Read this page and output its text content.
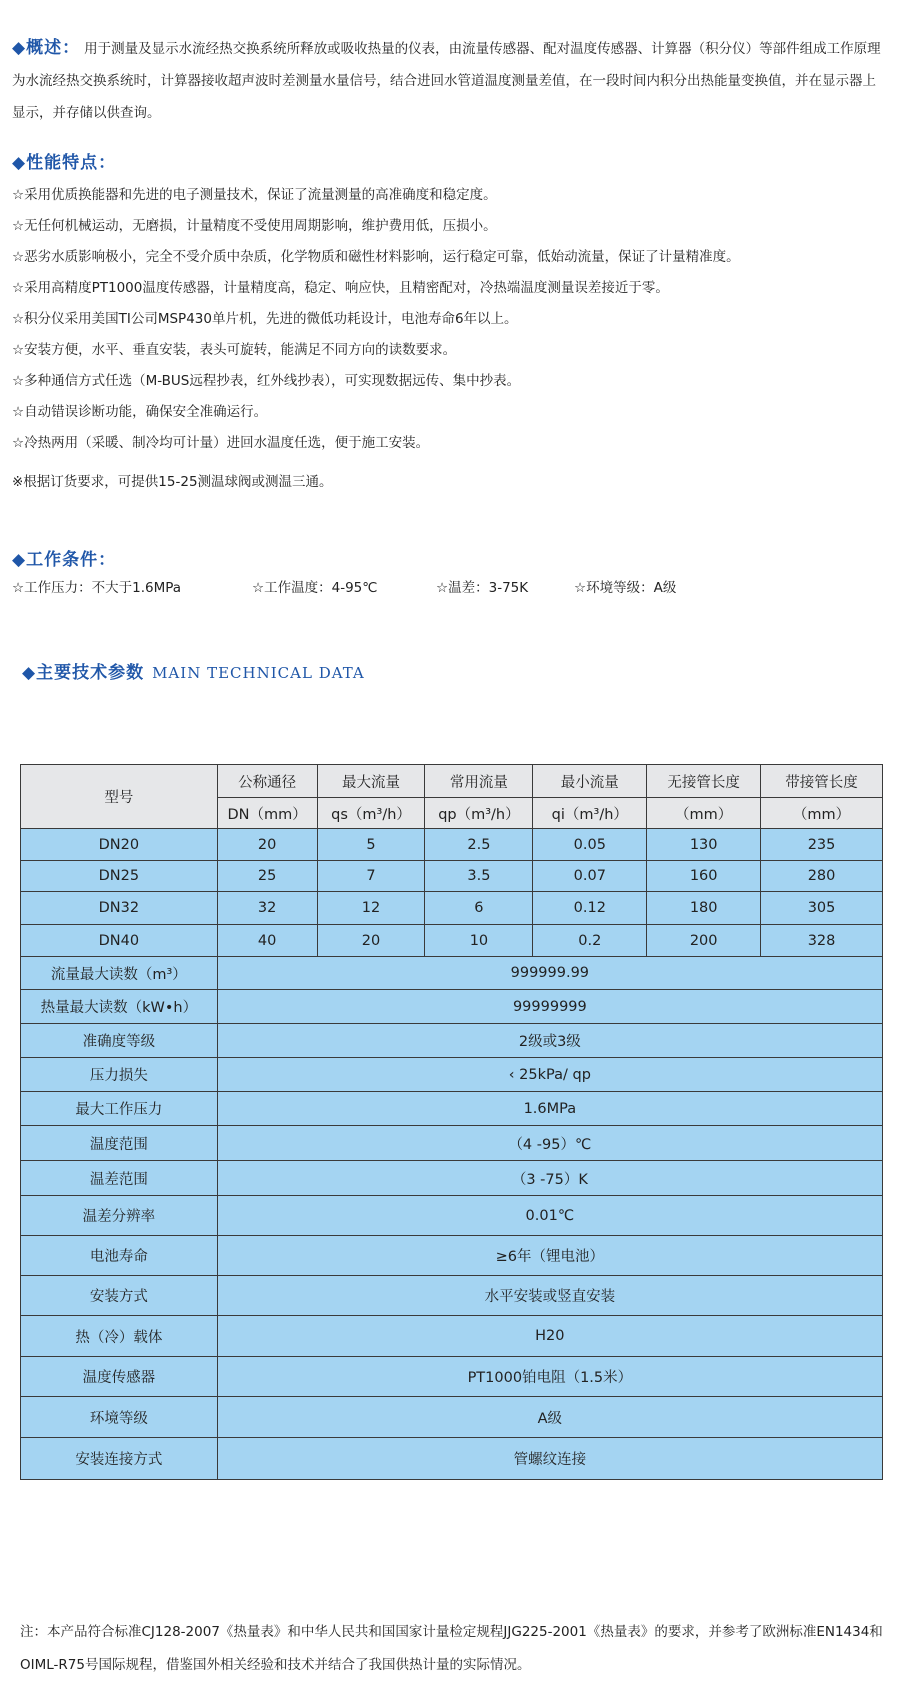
◆概述： 用于测量及显示水流经热交换系统所释放或吸收热量的仪表，由流量传感器、配对温度传感器、计算器（积分仪）等部件组成工作原理为水流经热交换系统时，计算器接收超声波时差测量水量信号，结合进回水管道温度测量差值，在一段时间内积分出热能量变换值，并在显示器上显示，并存储以供查询。
◆性能特点：
☆采用优质换能器和先进的电子测量技术，保证了流量测量的高准确度和稳定度。
☆无任何机械运动，无磨损，计量精度不受使用周期影响，维护费用低，压损小。
☆恶劣水质影响极小，完全不受介质中杂质，化学物质和磁性材料影响，运行稳定可靠，低始动流量，保证了计量精准度。
☆采用高精度PT1000温度传感器，计量精度高，稳定、响应快，且精密配对，冷热端温度测量误差接近于零。
☆积分仪采用美国TI公司MSP430单片机，先进的微低功耗设计，电池寿命6年以上。
☆安装方便，水平、垂直安装，表头可旋转，能满足不同方向的读数要求。
☆多种通信方式任选（M-BUS远程抄表，红外线抄表），可实现数据远传、集中抄表。
☆自动错误诊断功能，确保安全准确运行。
☆冷热两用（采暖、制冷均可计量）进回水温度任选，便于施工安装。
※根据订货要求，可提供15-25测温球阀或测温三通。
◆工作条件：
☆工作压力：不大于1.6MPa	☆工作温度：4-95℃	☆温差：3-75K	☆环境等级：A级
◆主要技术参数 MAIN TECHNICAL DATA
型号	公称通径	最大流量	常用流量	最小流量	无接管长度	带接管长度
	DN（mm）	qs（m³/h）	qp（m³/h）	qi（m³/h）	（mm）	（mm）
DN20	20	5	2.5	0.05	130	235
DN25	25	7	3.5	0.07	160	280
DN32	32	12	6	0.12	180	305
DN40	40	20	10	0.2	200	328
流量最大读数（m³）	999999.99					
热量最大读数（kW•h）	99999999					
准确度等级	2级或3级					
压力损失	‹ 25kPa/ qp					
最大工作压力	1.6MPa					
温度范围	（4 -95）℃					
温差范围	（3 -75）K					
温差分辨率	0.01℃					
电池寿命	≥6年（锂电池）					
安装方式	水平安装或竖直安装					
热（冷）载体	H20					
温度传感器	PT1000铂电阻（1.5米）					
环境等级	A级					
安装连接方式	管螺纹连接					
注：本产品符合标准CJ128-2007《热量表》和中华人民共和国国家计量检定规程JJG225-2001《热量表》的要求，并参考了欧洲标准EN1434和OIML-R75号国际规程，借鉴国外相关经验和技术并结合了我国供热计量的实际情况。
